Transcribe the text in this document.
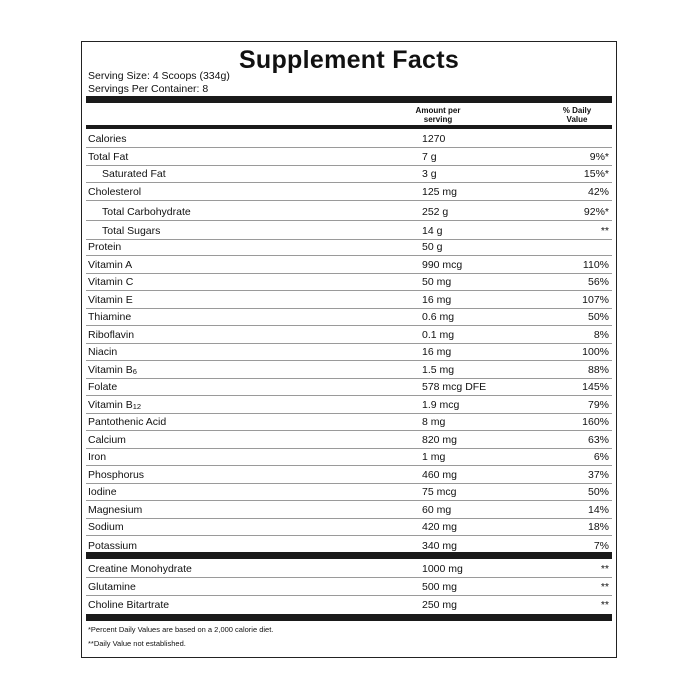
Supplement Facts
Serving Size: 4 Scoops (334g)
Servings Per Container: 8
Amount per
serving
% Daily
Value
Calories	1270
Total Fat	7 g	9%*
Saturated Fat	3 g	15%*
Cholesterol	125 mg	42%
Total Carbohydrate	252 g	92%*
Total Sugars	14 g	**
Protein	50 g
Vitamin A	990 mcg	110%
Vitamin C	50 mg	56%
Vitamin E	16 mg	107%
Thiamine	0.6 mg	50%
Riboflavin	0.1 mg	8%
Niacin	16 mg	100%
Vitamin $B_6$	1.5 mg	88%
Folate	578 mcg DFE	145%
Vitamin $B_{12}$	1.9 mcg	79%
Pantothenic Acid	8 mg	160%
Calcium	820 mg	63%
Iron	1 mg	6%
Phosphorus	460 mg	37%
Iodine	75 mcg	50%
Magnesium	60 mg	14%
Sodium	420 mg	18%
Potassium	340 mg	7%
Creatine Monohydrate	1000 mg	**
Glutamine	500 mg	**
Choline Bitartrate	250 mg	**
*Percent Daily Values are based on a 2,000 calorie diet.
**Daily Value not established.
